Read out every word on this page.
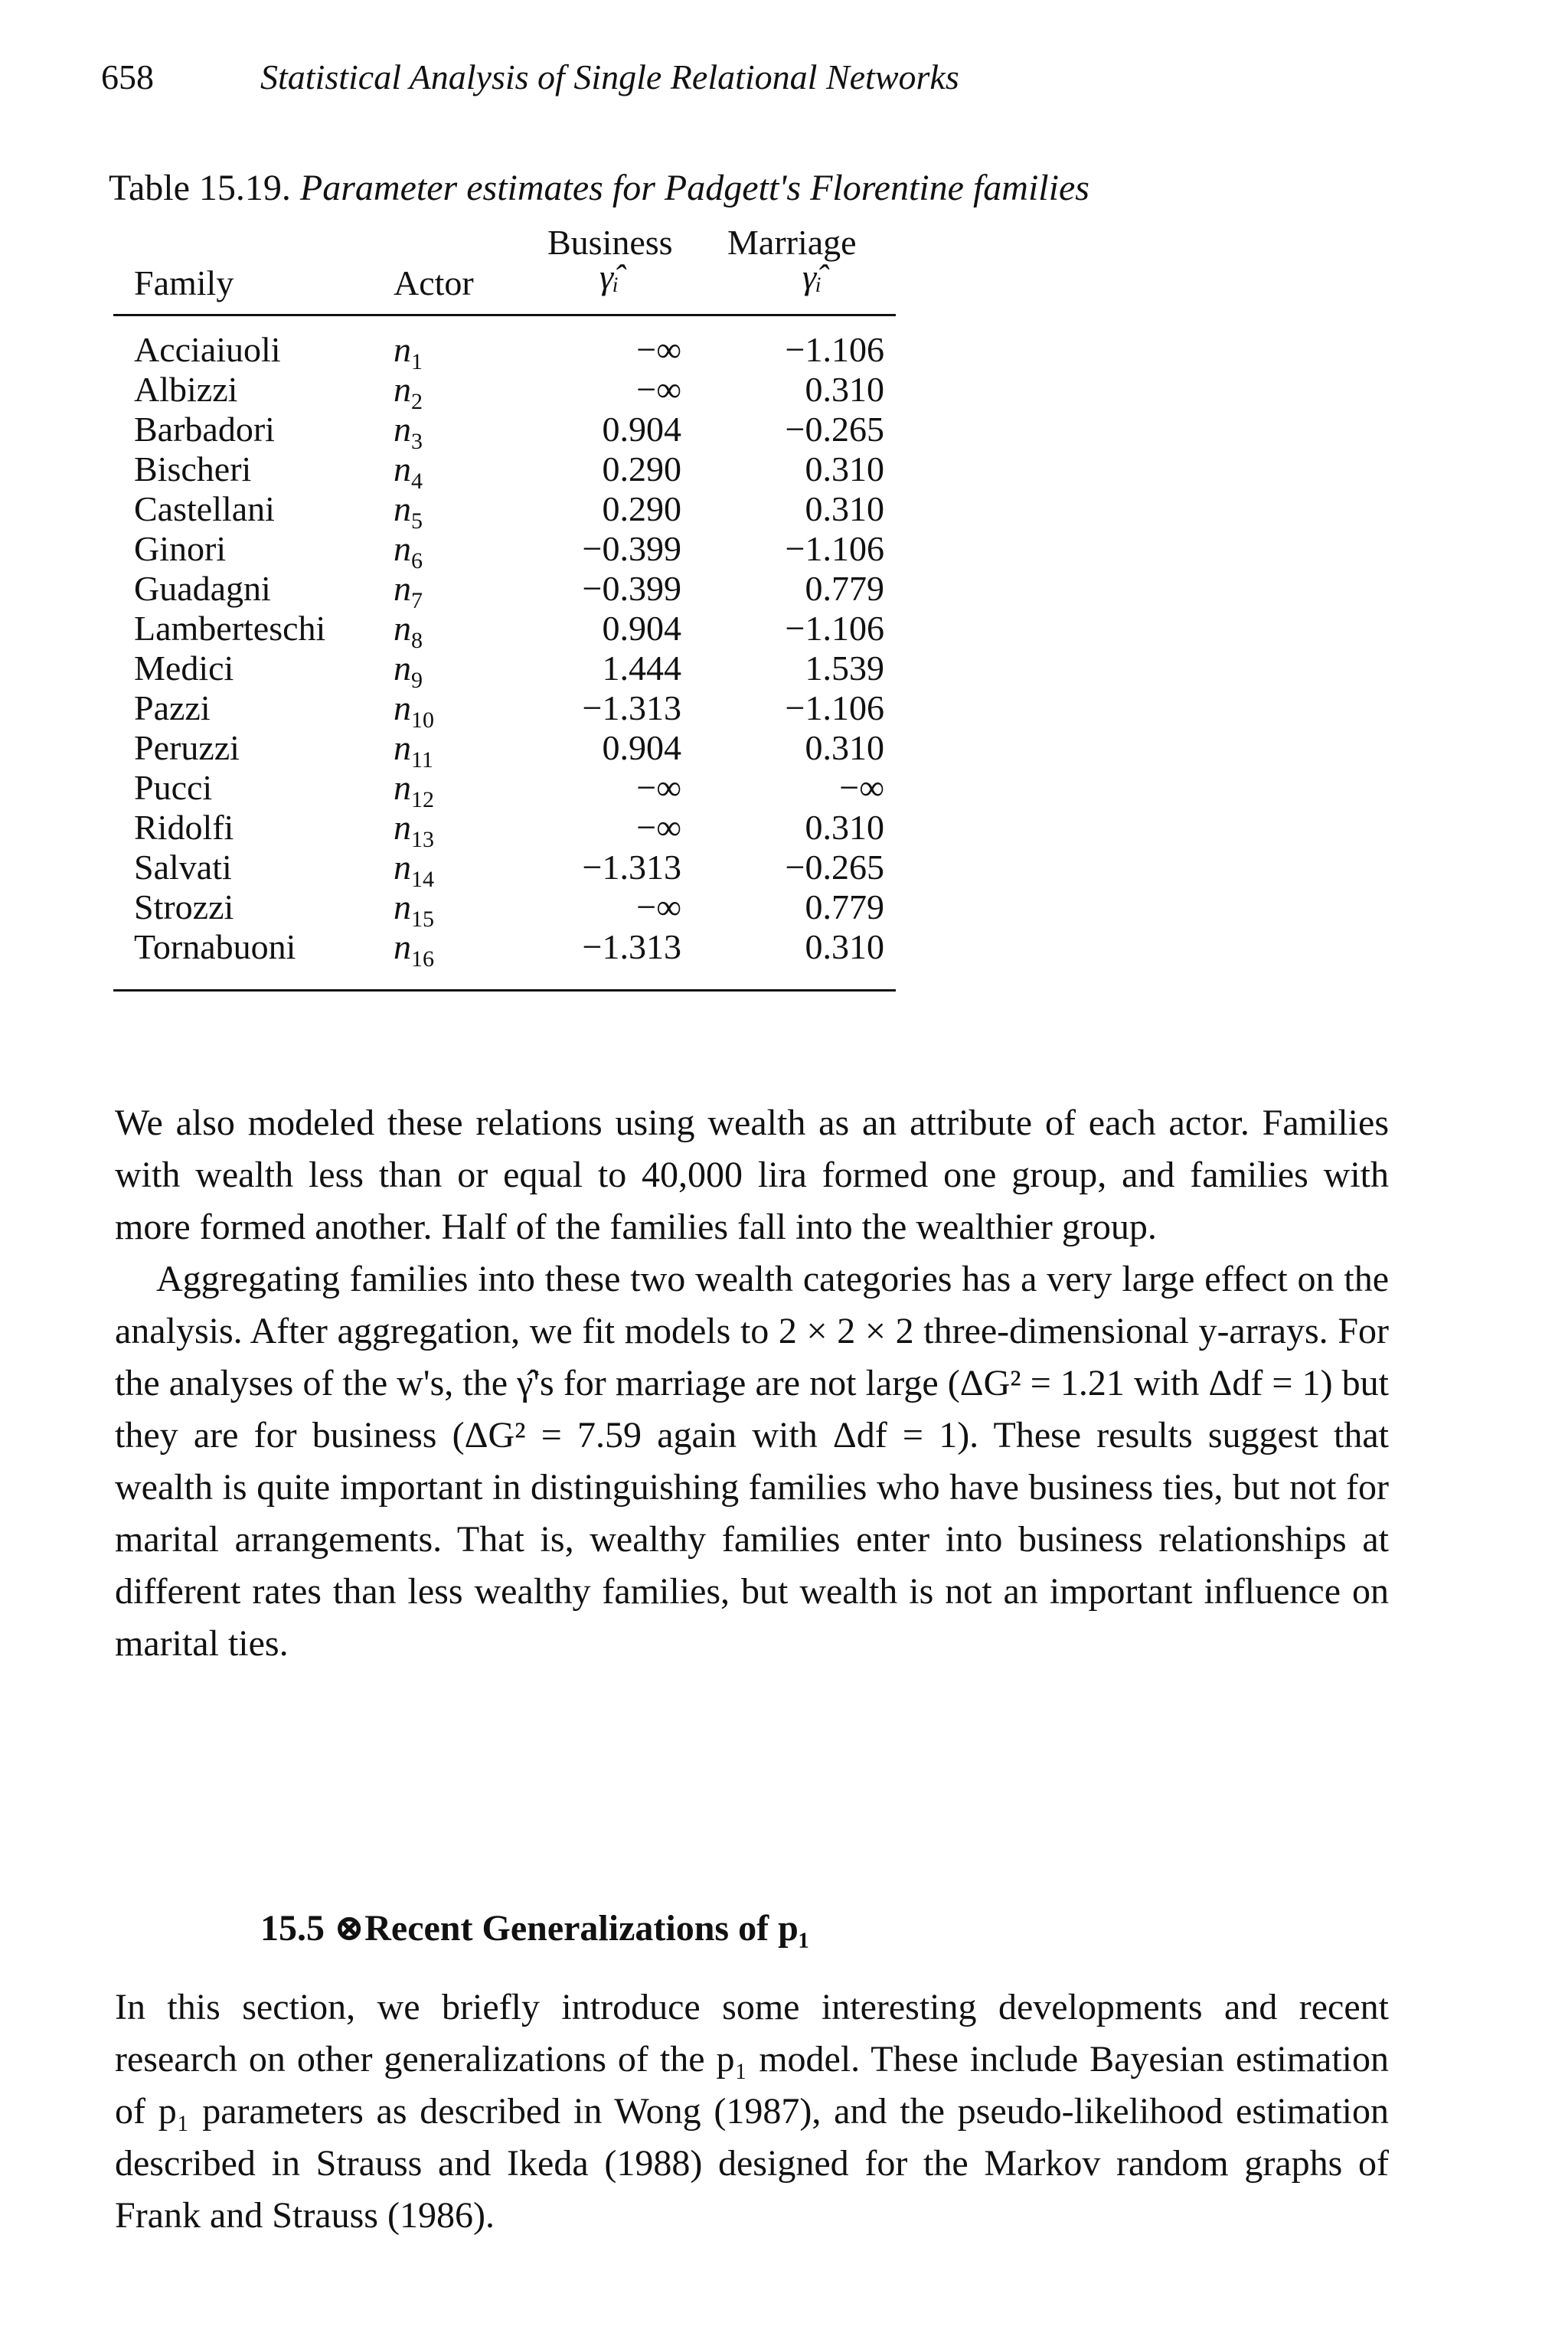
658	Statistical Analysis of Single Relational Networks
Table 15.19. Parameter estimates for Padgett's Florentine families
Business Marriage
Family	Actor	γ̂ᵢ	γ̂ᵢ
Acciaiuoli	$n_1$	−∞	−1.106
Albizzi	$n_2$	−∞	0.310
Barbadori	$n_3$	0.904	−0.265
Bischeri	$n_4$	0.290	0.310
Castellani	$n_5$	0.290	0.310
Ginori	$n_6$	−0.399	−1.106
Guadagni	$n_7$	−0.399	0.779
Lamberteschi $n_8$	0.904	−1.106
Medici	$n_9$	1.444	1.539
Pazzi	$n_{10}$	−1.313	−1.106
Peruzzi	$n_{11}$	0.904	0.310
Pucci	$n_{12}$	−∞	−∞
Ridolfi	$n_{13}$	−∞	0.310
Salvati	$n_{14}$	−1.313	−0.265
Strozzi	$n_{15}$	−∞	0.779
Tornabuoni	$n_{16}$	−1.313	0.310

We also modeled these relations using wealth as an attribute of each actor. Families with wealth less than or equal to 40,000 lira formed one group, and families with more formed another. Half of the families fall into the wealthier group.

Aggregating families into these two wealth categories has a very large effect on the analysis. After aggregation, we fit models to 2 × 2 × 2 three-dimensional y-arrays. For the analyses of the w's, the γ̂'s for marriage are not large (ΔG² = 1.21 with Δdf = 1) but they are for business (ΔG² = 7.59 again with Δdf = 1). These results suggest that wealth is quite important in distinguishing families who have business ties, but not for marital arrangements. That is, wealthy families enter into business relationships at different rates than less wealthy families, but wealth is not an important influence on marital ties.

15.5 ⊗Recent Generalizations of p₁

In this section, we briefly introduce some interesting developments and recent research on other generalizations of the p₁ model. These include Bayesian estimation of p₁ parameters as described in Wong (1987), and the pseudo-likelihood estimation described in Strauss and Ikeda (1988) designed for the Markov random graphs of Frank and Strauss (1986).
